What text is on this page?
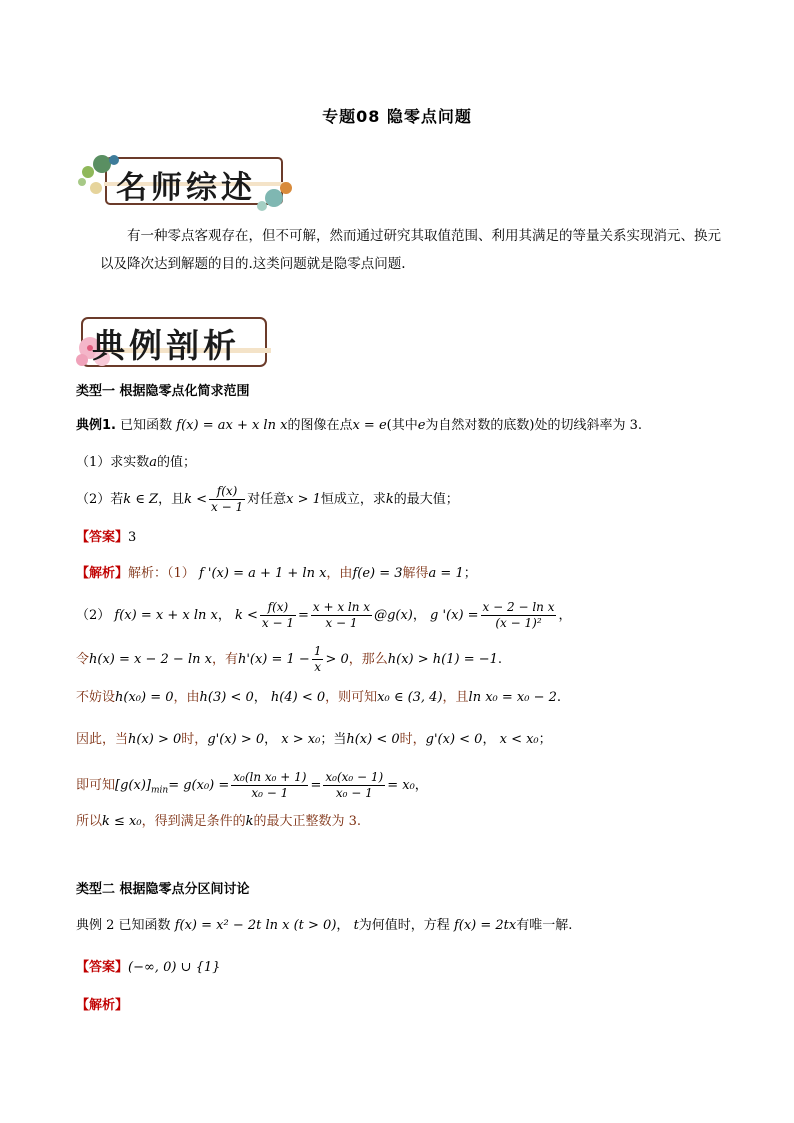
专题08 隐零点问题
名师综述
有一种零点客观存在，但不可解，然而通过研究其取值范围、利用其满足的等量关系实现消元、换元以及降次达到解题的目的.这类问题就是隐零点问题.
典例剖析
类型一 根据隐零点化简求范围
典例1. 已知函数 f(x) = ax + x ln x的图像在点x = e(其中e为自然对数的底数)处的切线斜率为 3.
（1）求实数a的值；
（2）若k ∈ Z，且$k < \frac{f(x)}{x - 1}$ 对任意x > 1恒成立，求k的最大值；
【答案】3
【解析】解析：（1） f '(x) = a + 1 + ln x，由f(e) = 3解得a = 1；
（2） f(x) = x + x ln x， $k < \frac{f(x)}{x - 1} = \frac{\text{x + x ln x}}{x - 1}$ @g(x)， g '$(x) = \frac{\text{x − 2 − ln x}}{\text{(x − 1)²}}$ ，
令h(x) = x − 2 − ln x，有$h'(x) = 1 - \frac{1}{x} > 0$，那么h(x) > h(1) = −1.
不妨设h(x₀) = 0，由h(3) < 0， h(4) < 0，则可知x₀ ∈ (3, 4)，且ln x₀ = x₀ − 2.
因此，当h(x) > 0时，g'(x) > 0， x > x₀；当h(x) < 0时，g'(x) < 0， x < x₀；
即可知$[g(x)]_{min}= g(x_0) = \frac{\text{x₀(ln x₀ + 1)}}{\text{x₀ − 1}} = \frac{\text{x₀(x₀ − 1)}}{\text{x₀ − 1}} = x_0$，
所以k ≤ x₀，得到满足条件的k的最大正整数为 3.
类型二 根据隐零点分区间讨论
典例 2 已知函数 f(x) = x² − 2t ln x (t > 0)， t为何值时，方程 f(x) = 2tx有唯一解.
【答案】(−∞, 0) ∪ {1}
【解析】
